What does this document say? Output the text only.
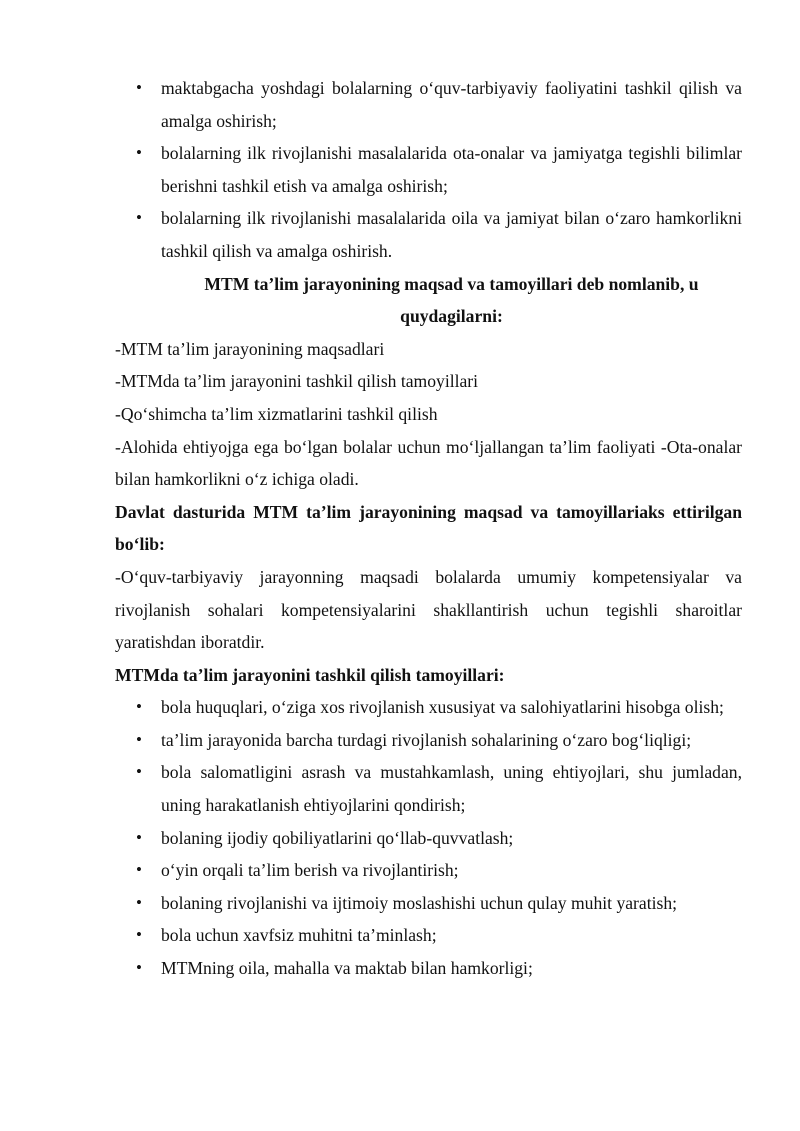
• maktabgacha yoshdagi bolalarning o‘quv-tarbiyaviy faoliyatini tashkil qilish va amalga oshirish;
• bolalarning ilk rivojlanishi masalalarida ota-onalar va jamiyatga tegishli bilimlar berishni tashkil etish va amalga oshirish;
• bolalarning ilk rivojlanishi masalalarida oila va jamiyat bilan o‘zaro hamkorlikni tashkil qilish va amalga oshirish.

MTM ta’lim jarayonining maqsad va tamoyillari deb nomlanib, u quydagilarni:

-MTM ta’lim jarayonining maqsadlari

-MTMda ta’lim jarayonini tashkil qilish tamoyillari

-Qo‘shimcha ta’lim xizmatlarini tashkil qilish

-Alohida ehtiyojga ega bo‘lgan bolalar uchun mo‘ljallangan ta’lim faoliyati -Ota-onalar bilan hamkorlikni o‘z ichiga oladi.

Davlat dasturida MTM ta’lim jarayonining maqsad va tamoyillariaks ettirilgan bo‘lib:

-O‘quv-tarbiyaviy jarayonning maqsadi bolalarda umumiy kompetensiyalar va rivojlanish sohalari kompetensiyalarini shakllantirish uchun tegishli sharoitlar yaratishdan iboratdir.

MTMda ta’lim jarayonini tashkil qilish tamoyillari:

• bola huquqlari, o‘ziga xos rivojlanish xususiyat va salohiyatlarini hisobga olish;
• ta’lim jarayonida barcha turdagi rivojlanish sohalarining o‘zaro bog‘liqligi;
• bola salomatligini asrash va mustahkamlash, uning ehtiyojlari, shu jumladan, uning harakatlanish ehtiyojlarini qondirish;
• bolaning ijodiy qobiliyatlarini qo‘llab-quvvatlash;
• o‘yin orqali ta’lim berish va rivojlantirish;
• bolaning rivojlanishi va ijtimoiy moslashishi uchun qulay muhit yaratish;
• bola uchun xavfsiz muhitni ta’minlash;
• MTMning oila, mahalla va maktab bilan hamkorligi;
